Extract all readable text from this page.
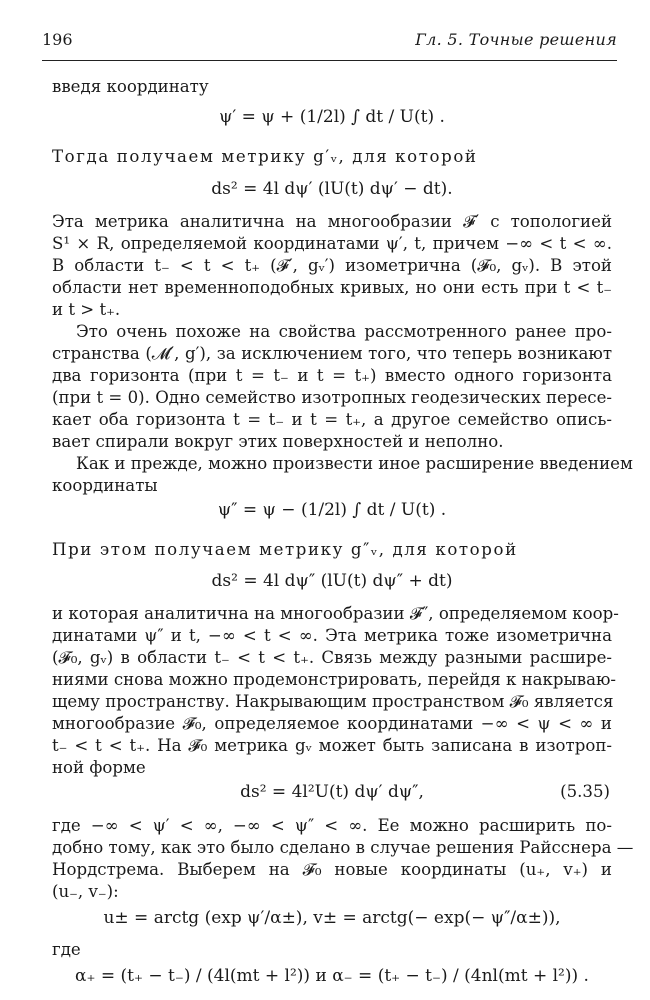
196	Гл. 5. Точные решения
введя координату
ψ′ = ψ + (1/2l) ∫ dt / U(t) .
Тогда получаем метрику g′ᵥ, для которой
ds² = 4l dψ′ (lU(t) dψ′ − dt).
Эта метрика аналитична на многообразии 𝓕′ с топологией
S¹ × R, определяемой координатами ψ′, t, причем −∞ < t < ∞.
В области t₋ < t < t₊ (𝓕′, gᵥ′) изометрична (𝓕₀, gᵥ). В этой
области нет временноподобных кривых, но они есть при t < t₋
и t > t₊.
Это очень похоже на свойства рассмотренного ранее про-
странства (𝓜′, g′), за исключением того, что теперь возникают
два горизонта (при t = t₋ и t = t₊) вместо одного горизонта
(при t = 0). Одно семейство изотропных геодезических пересе-
кает оба горизонта t = t₋ и t = t₊, а другое семейство опись-
вает спирали вокруг этих поверхностей и неполно.
Как и прежде, можно произвести иное расширение введением
координаты
ψ″ = ψ − (1/2l) ∫ dt / U(t) .
При этом получаем метрику g″ᵥ, для которой
ds² = 4l dψ″ (lU(t) dψ″ + dt)
и которая аналитична на многообразии 𝓕″, определяемом коор-
динатами ψ″ и t, −∞ < t < ∞. Эта метрика тоже изометрична
(𝓕₀, gᵥ) в области t₋ < t < t₊. Связь между разными расшире-
ниями снова можно продемонстрировать, перейдя к накрываю-
щему пространству. Накрывающим пространством 𝓕₀ является
многообразие 𝓕̃₀, определяемое координатами −∞ < ψ < ∞ и
t₋ < t < t₊. На 𝓕̃₀ метрика gᵥ может быть записана в изотроп-
ной форме
ds² = 4l²U(t) dψ′ dψ″,	(5.35)
где −∞ < ψ′ < ∞, −∞ < ψ″ < ∞. Ее можно расширить по-
добно тому, как это было сделано в случае решения Райсснера —
Нордстрема. Выберем на 𝓕₀ новые координаты (u₊, v₊) и
(u₋, v₋):
u± = arctg (exp ψ′/α±), v± = arctg(− exp(− ψ″/α±)),
где
α₊ = (t₊ − t₋) / (4l(mt + l²)) и α₋ = (t₊ − t₋) / (4nl(mt + l²)) .
